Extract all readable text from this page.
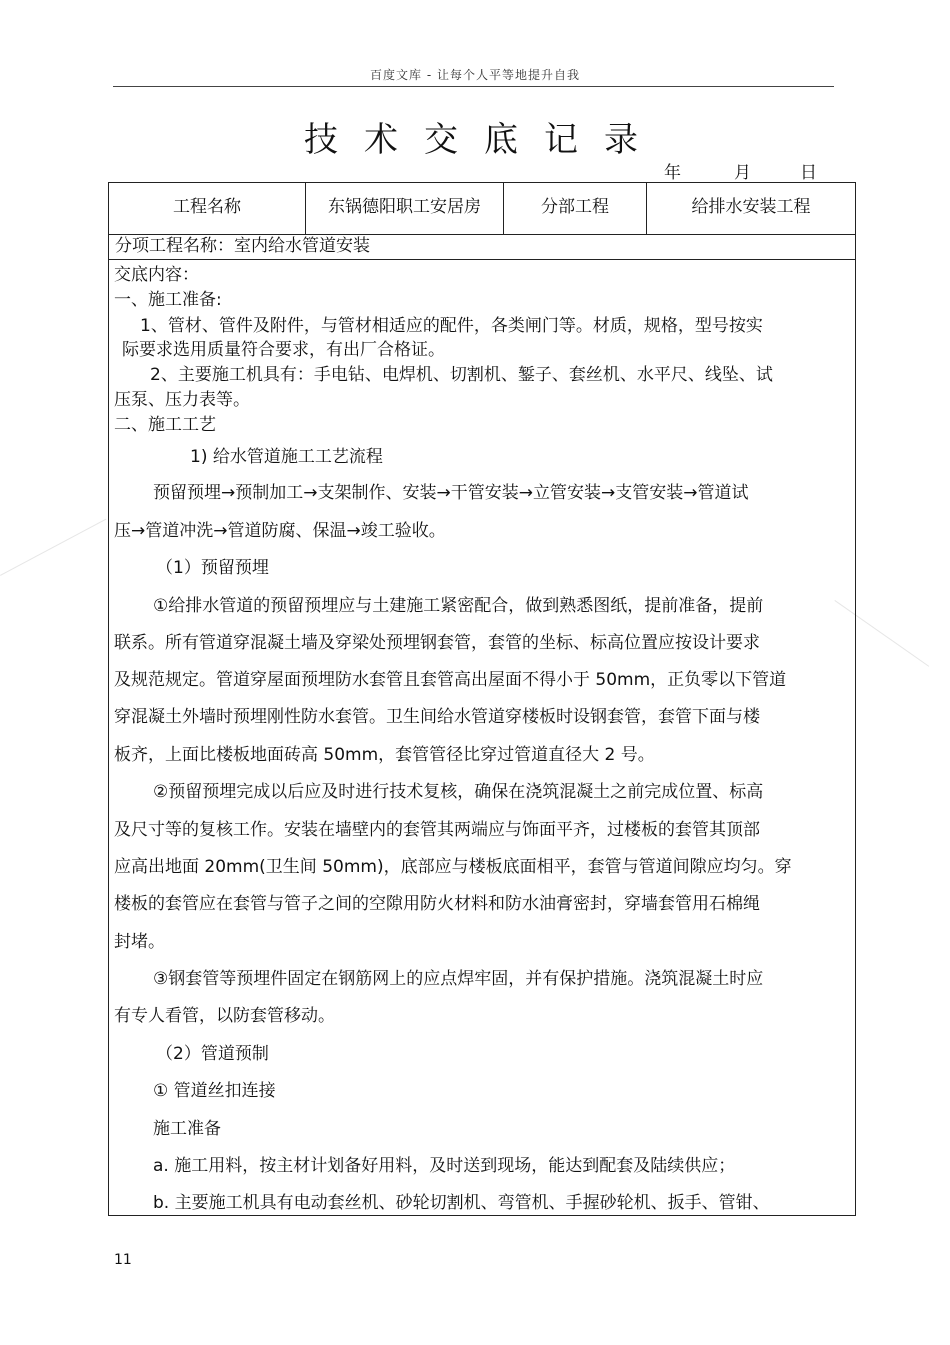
百度文库 - 让每个人平等地提升自我
技术交底记录
年	月	日
工程名称	东锅德阳职工安居房	分部工程	给排水安装工程
分项工程名称：室内给水管道安装
交底内容：
一、施工准备:
1、管材、管件及附件，与管材相适应的配件，各类闸门等。材质，规格，型号按实
际要求选用质量符合要求，有出厂合格证。
2、主要施工机具有：手电钻、电焊机、切割机、錾子、套丝机、水平尺、线坠、试
压泵、压力表等。
二、施工工艺
1) 给水管道施工工艺流程
预留预埋→预制加工→支架制作、安装→干管安装→立管安装→支管安装→管道试
压→管道冲洗→管道防腐、保温→竣工验收。
（1）预留预埋
①给排水管道的预留预埋应与土建施工紧密配合，做到熟悉图纸，提前准备，提前
联系。所有管道穿混凝土墙及穿梁处预埋钢套管，套管的坐标、标高位置应按设计要求
及规范规定。管道穿屋面预埋防水套管且套管高出屋面不得小于 50mm，正负零以下管道
穿混凝土外墙时预埋刚性防水套管。卫生间给水管道穿楼板时设钢套管，套管下面与楼
板齐，上面比楼板地面砖高 50mm，套管管径比穿过管道直径大 2 号。
②预留预埋完成以后应及时进行技术复核，确保在浇筑混凝土之前完成位置、标高
及尺寸等的复核工作。安装在墙壁内的套管其两端应与饰面平齐，过楼板的套管其顶部
应高出地面 20mm(卫生间 50mm)，底部应与楼板底面相平，套管与管道间隙应均匀。穿
楼板的套管应在套管与管子之间的空隙用防火材料和防水油膏密封，穿墙套管用石棉绳
封堵。
③钢套管等预埋件固定在钢筋网上的应点焊牢固，并有保护措施。浇筑混凝土时应
有专人看管，以防套管移动。
（2）管道预制
① 管道丝扣连接
施工准备
a. 施工用料，按主材计划备好用料，及时送到现场，能达到配套及陆续供应；
b. 主要施工机具有电动套丝机、砂轮切割机、弯管机、手握砂轮机、扳手、管钳、
11
